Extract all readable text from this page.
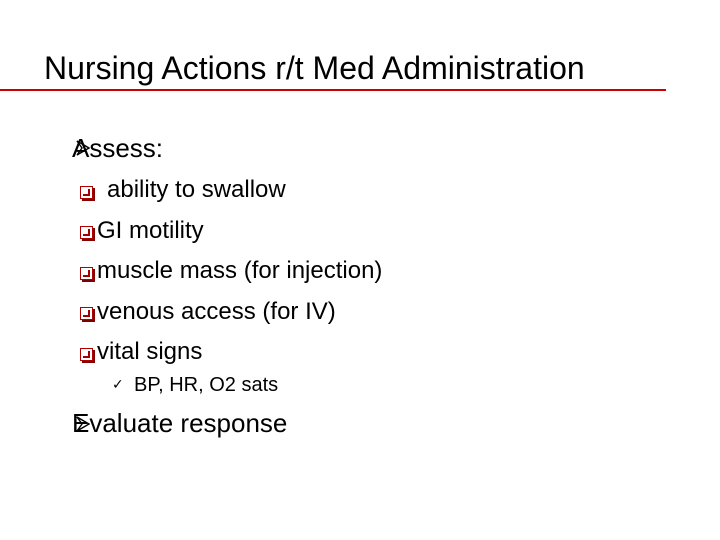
Nursing Actions r/t Med Administration
Assess:
ability to swallow
GI motility
muscle mass (for injection)
venous access (for IV)
vital signs
✓ BP, HR, O2 sats
Evaluate response
